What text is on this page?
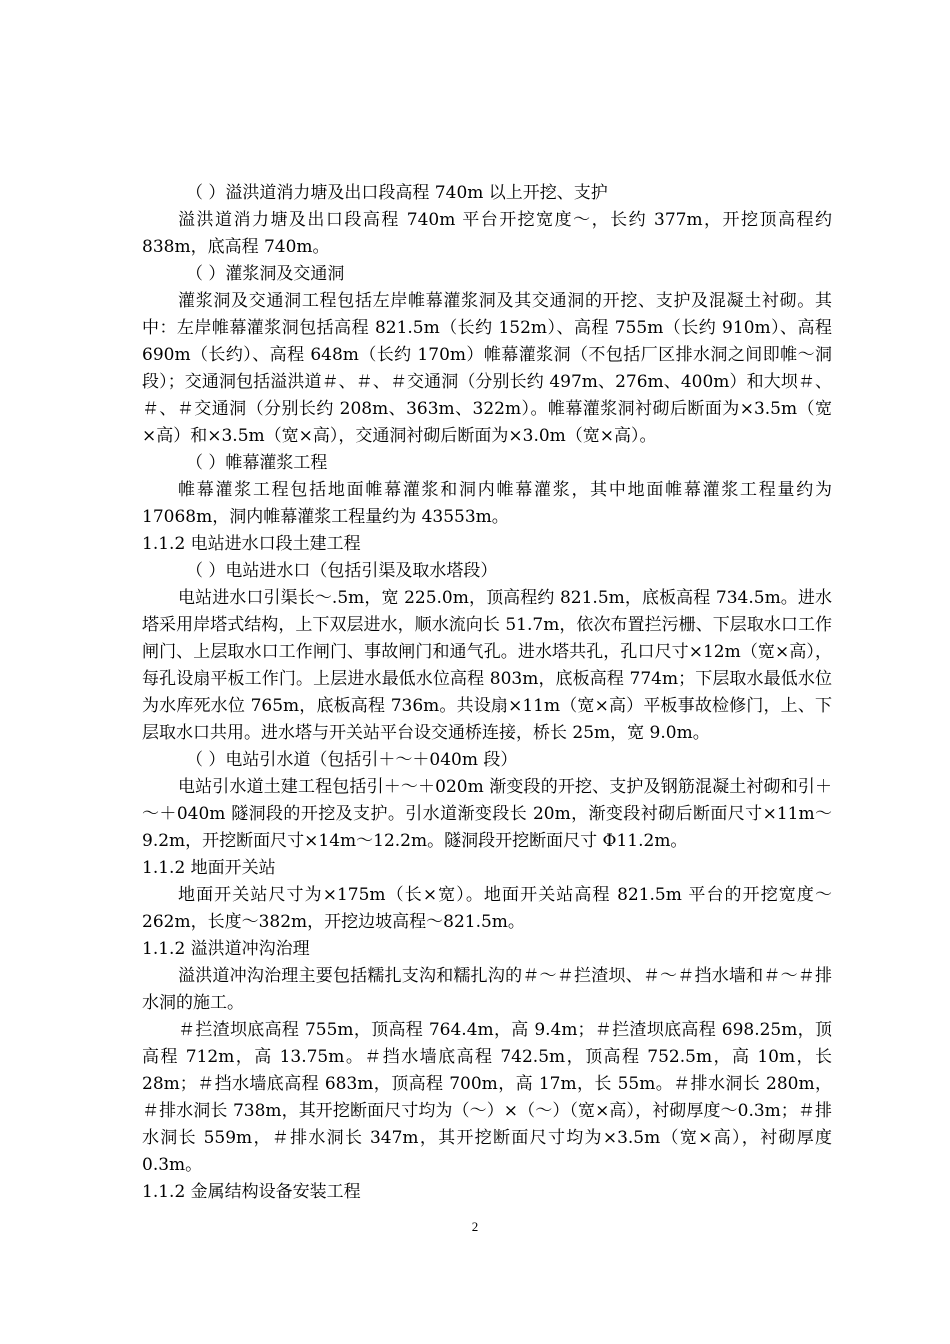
（ ）溢洪道消力塘及出口段高程 740m 以上开挖、支护

溢洪道消力塘及出口段高程 740m 平台开挖宽度～，长约 377m，开挖顶高程约 838m，底高程 740m。

（ ）灌浆洞及交通洞

灌浆洞及交通洞工程包括左岸帷幕灌浆洞及其交通洞的开挖、支护及混凝土衬砌。其中：左岸帷幕灌浆洞包括高程 821.5m（长约 152m）、高程 755m（长约 910m）、高程 690m（长约）、高程 648m（长约 170m）帷幕灌浆洞（不包括厂区排水洞之间即帷～洞段）；交通洞包括溢洪道＃、＃、＃交通洞（分别长约 497m、276m、400m）和大坝＃、＃、＃交通洞（分别长约 208m、363m、322m）。帷幕灌浆洞衬砌后断面为×3.5m（宽×高）和×3.5m（宽×高），交通洞衬砌后断面为×3.0m（宽×高）。

（ ）帷幕灌浆工程

帷幕灌浆工程包括地面帷幕灌浆和洞内帷幕灌浆，其中地面帷幕灌浆工程量约为 17068m，洞内帷幕灌浆工程量约为 43553m。

1.1.2 电站进水口段土建工程

（ ）电站进水口（包括引渠及取水塔段）

电站进水口引渠长～.5m，宽 225.0m，顶高程约 821.5m，底板高程 734.5m。进水塔采用岸塔式结构，上下双层进水，顺水流向长 51.7m，依次布置拦污栅、下层取水口工作闸门、上层取水口工作闸门、事故闸门和通气孔。进水塔共孔，孔口尺寸×12m（宽×高），每孔设扇平板工作门。上层进水最低水位高程 803m，底板高程 774m；下层取水最低水位为水库死水位 765m，底板高程 736m。共设扇×11m（宽×高）平板事故检修门，上、下层取水口共用。进水塔与开关站平台设交通桥连接，桥长 25m，宽 9.0m。

（ ）电站引水道（包括引＋～＋040m 段）

电站引水道土建工程包括引＋～＋020m 渐变段的开挖、支护及钢筋混凝土衬砌和引＋～＋040m 隧洞段的开挖及支护。引水道渐变段长 20m，渐变段衬砌后断面尺寸×11m～9.2m，开挖断面尺寸×14m～12.2m。隧洞段开挖断面尺寸 Φ11.2m。

1.1.2 地面开关站

地面开关站尺寸为×175m（长×宽）。地面开关站高程 821.5m 平台的开挖宽度～262m，长度～382m，开挖边坡高程～821.5m。

1.1.2 溢洪道冲沟治理

溢洪道冲沟治理主要包括糯扎支沟和糯扎沟的＃～＃拦渣坝、＃～＃挡水墙和＃～＃排水洞的施工。

＃拦渣坝底高程 755m，顶高程 764.4m，高 9.4m；＃拦渣坝底高程 698.25m，顶高程 712m，高 13.75m。＃挡水墙底高程 742.5m，顶高程 752.5m，高 10m，长 28m；＃挡水墙底高程 683m，顶高程 700m，高 17m，长 55m。＃排水洞长 280m，＃排水洞长 738m，其开挖断面尺寸均为（～）×（～）（宽×高），衬砌厚度～0.3m；＃排水洞长 559m，＃排水洞长 347m，其开挖断面尺寸均为×3.5m（宽×高），衬砌厚度 0.3m。

1.1.2 金属结构设备安装工程

2
